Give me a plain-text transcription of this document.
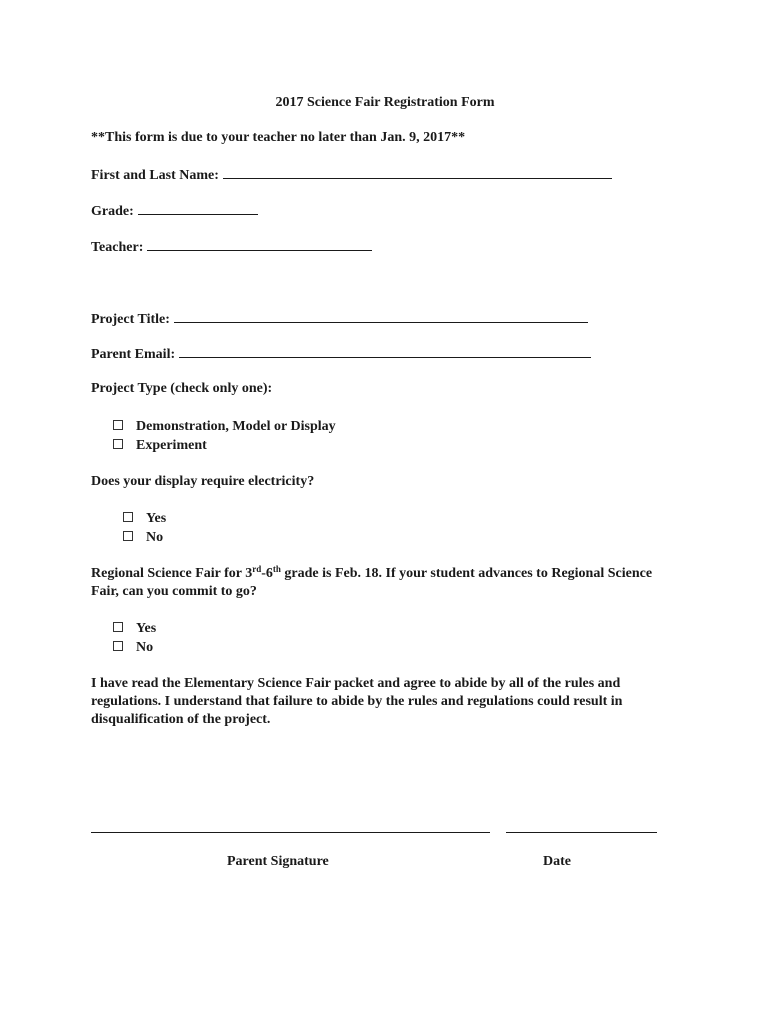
2017 Science Fair Registration Form
**This form is due to your teacher no later than Jan. 9, 2017**
First and Last Name:
Grade:
Teacher:
Project Title:
Parent Email:
Project Type (check only one):
Demonstration, Model or Display
Experiment
Does your display require electricity?
Yes
No
Regional Science Fair for 3rd-6th grade is Feb. 18. If your student advances to Regional Science Fair, can you commit to go?
Yes
No
I have read the Elementary Science Fair packet and agree to abide by all of the rules and regulations. I understand that failure to abide by the rules and regulations could result in disqualification of the project.
Parent Signature	Date
